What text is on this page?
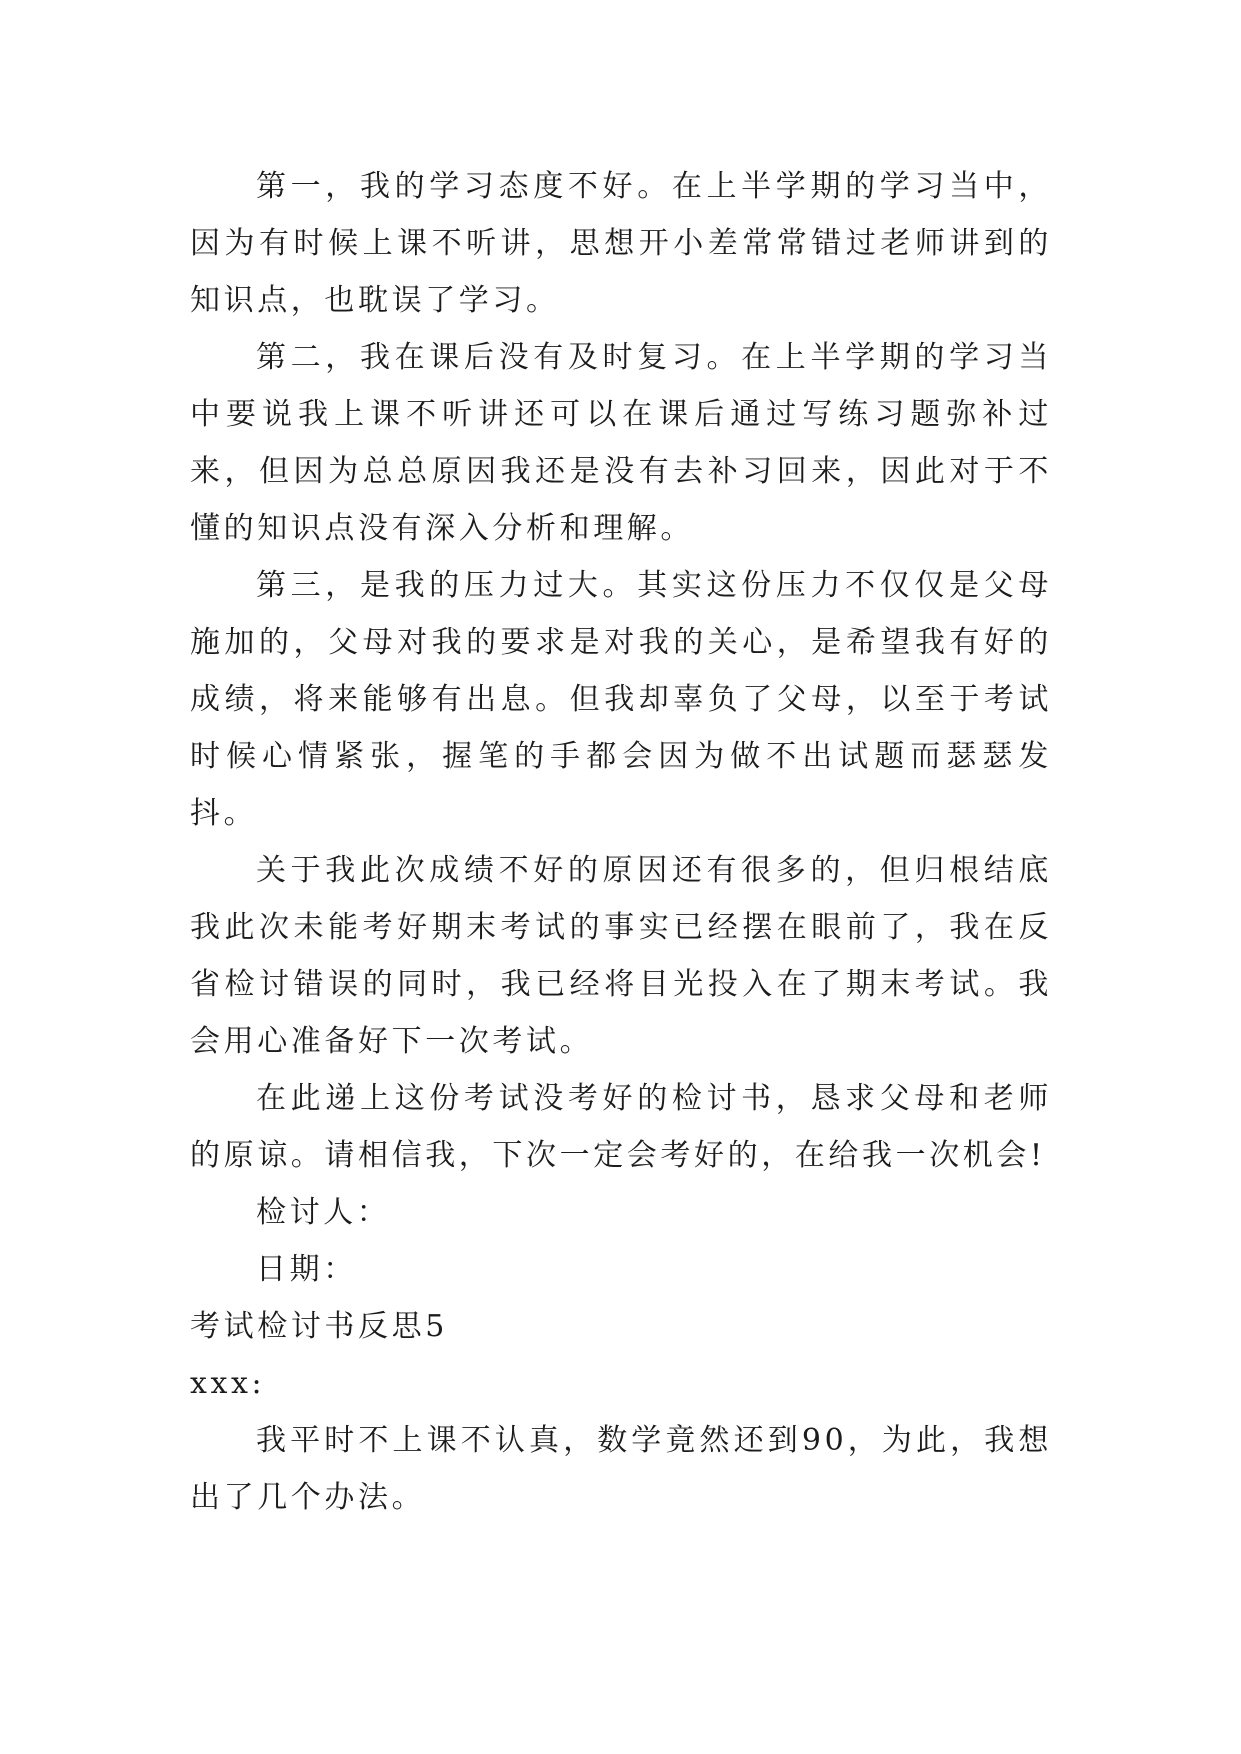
第一，我的学习态度不好。在上半学期的学习当中，因为有时候上课不听讲，思想开小差常常错过老师讲到的知识点，也耽误了学习。

第二，我在课后没有及时复习。在上半学期的学习当中要说我上课不听讲还可以在课后通过写练习题弥补过来，但因为总总原因我还是没有去补习回来，因此对于不懂的知识点没有深入分析和理解。

第三，是我的压力过大。其实这份压力不仅仅是父母施加的，父母对我的要求是对我的关心，是希望我有好的成绩，将来能够有出息。但我却辜负了父母，以至于考试时候心情紧张，握笔的手都会因为做不出试题而瑟瑟发抖。

关于我此次成绩不好的原因还有很多的，但归根结底我此次未能考好期末考试的事实已经摆在眼前了，我在反省检讨错误的同时，我已经将目光投入在了期末考试。我会用心准备好下一次考试。

在此递上这份考试没考好的检讨书，恳求父母和老师的原谅。请相信我，下次一定会考好的，在给我一次机会!

检讨人：

日期：

考试检讨书反思5

xxx:

我平时不上课不认真，数学竟然还到90，为此，我想出了几个办法。
